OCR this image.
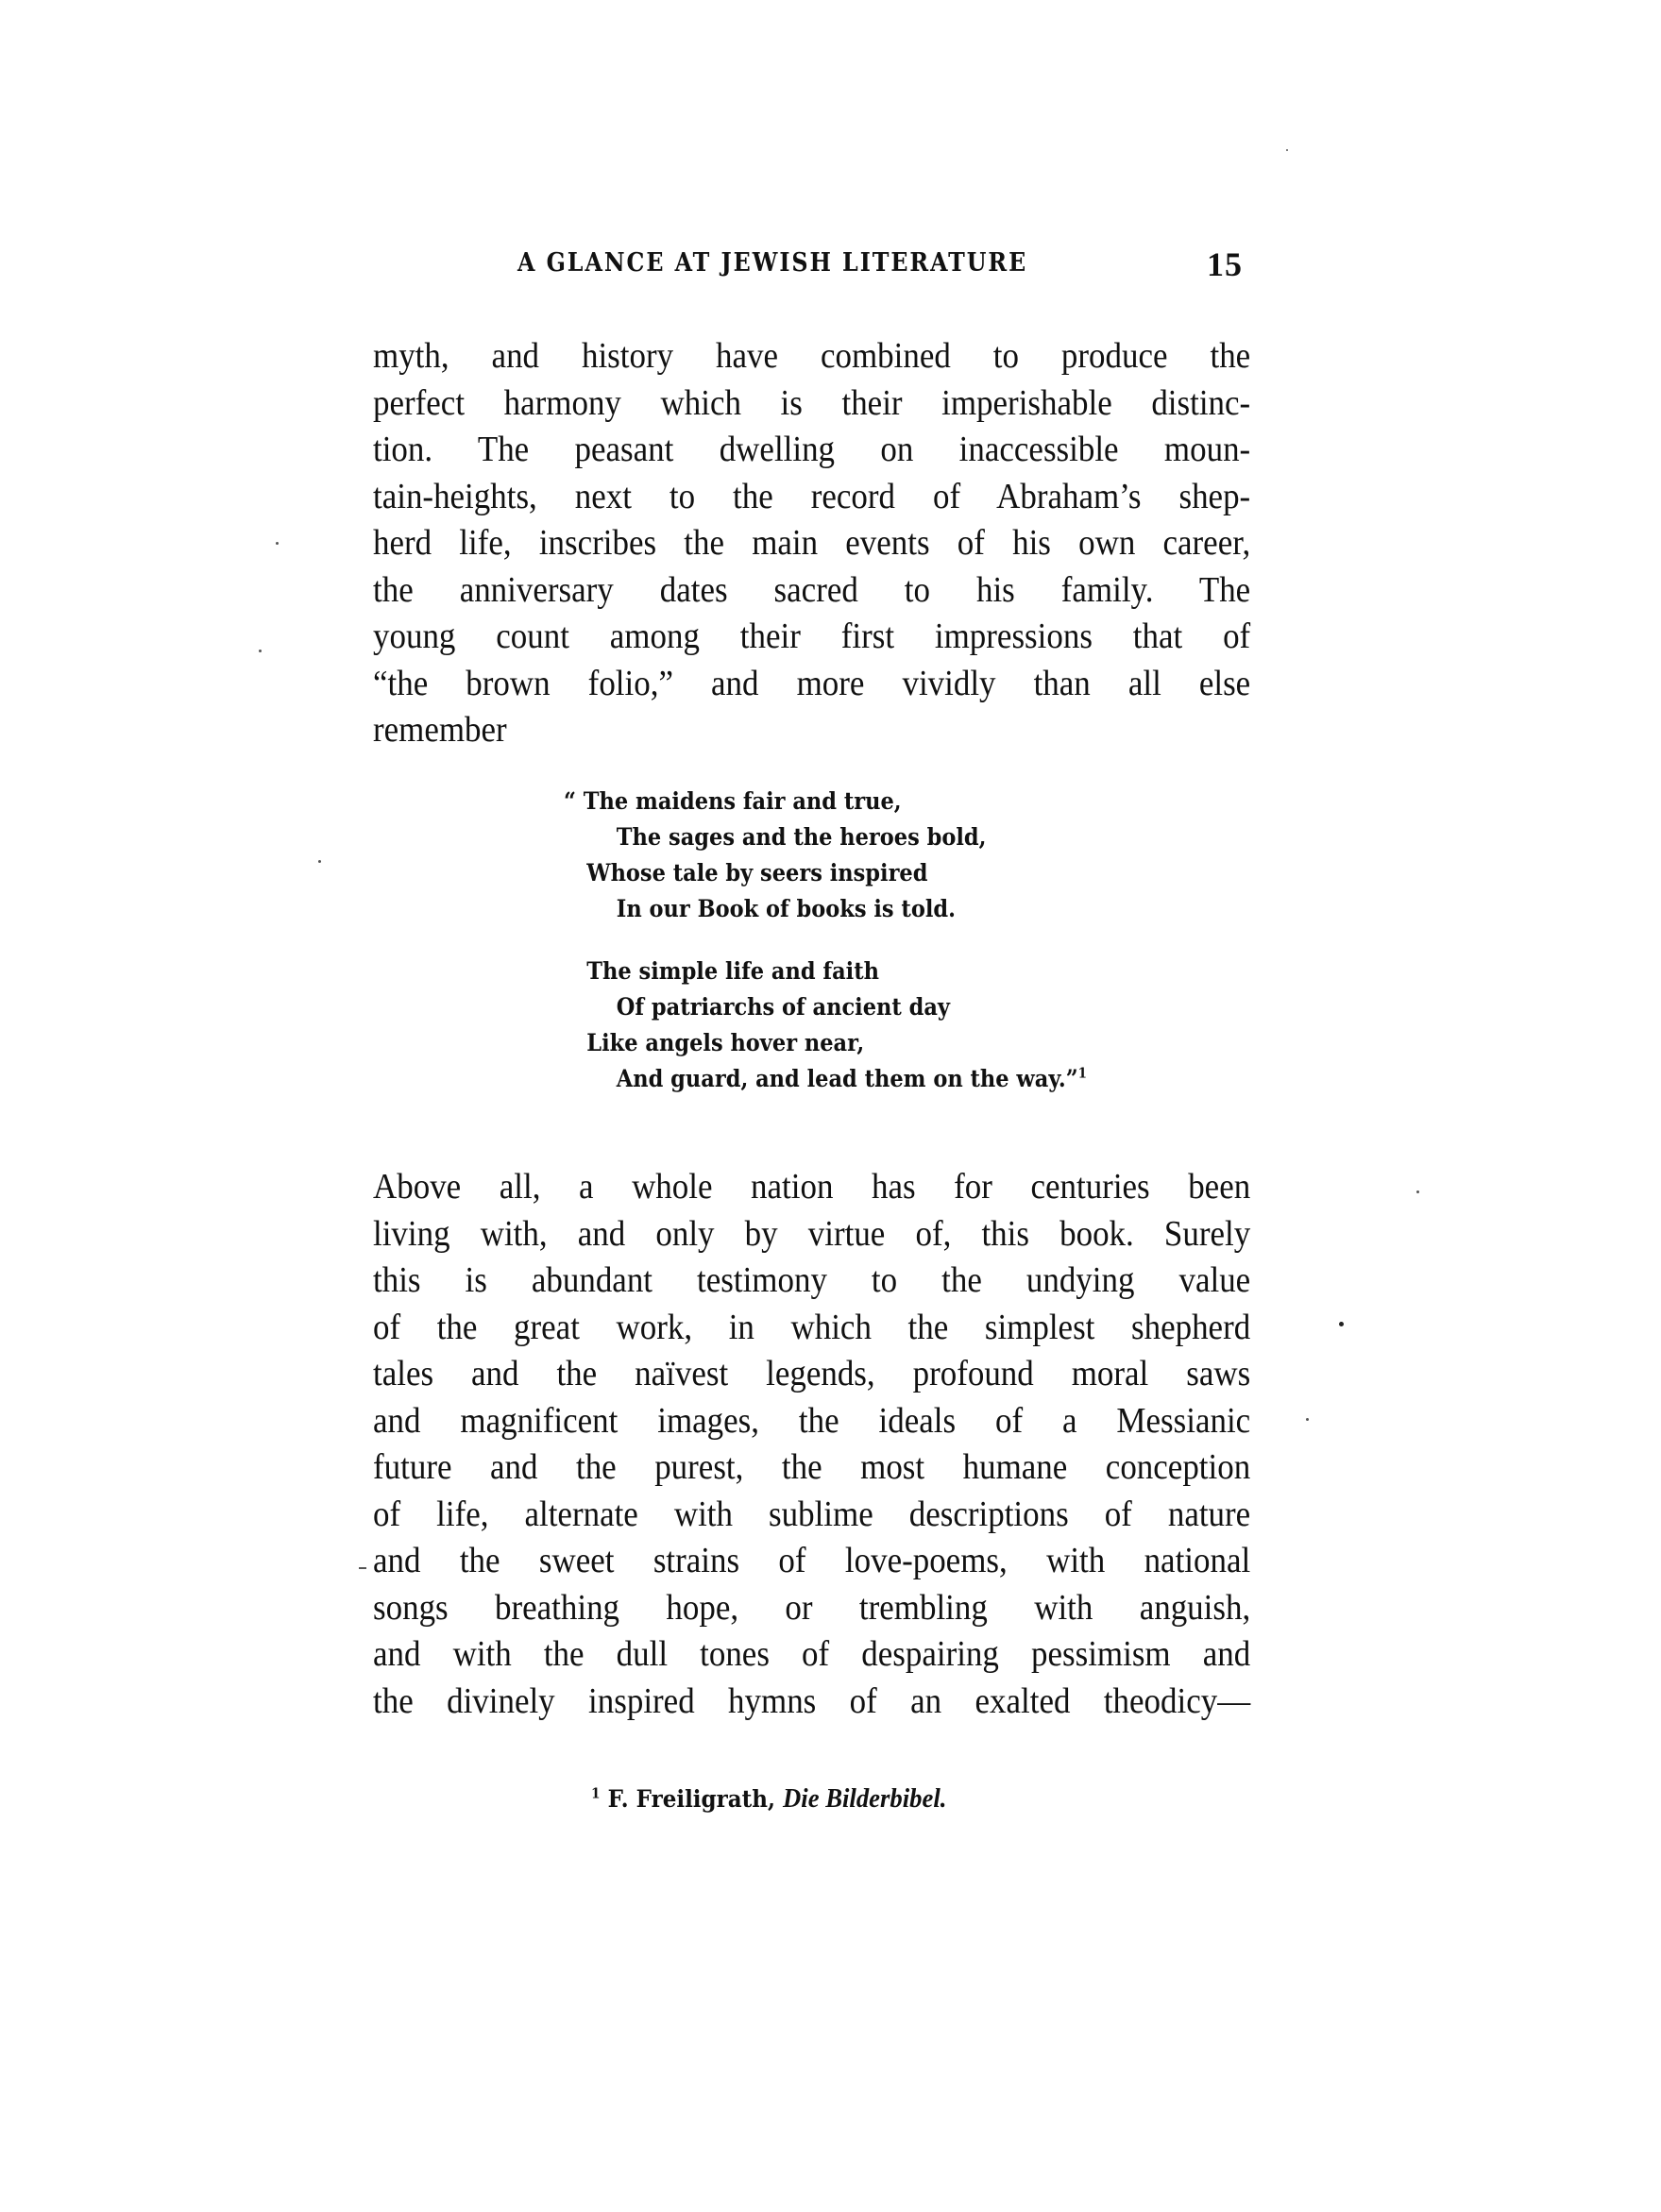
A GLANCE AT JEWISH LITERATURE	15
myth, and history have combined to produce the
perfect harmony which is their imperishable distinc-
tion. The peasant dwelling on inaccessible moun-
tain-heights, next to the record of Abraham’s shep-
herd life, inscribes the main events of his own career,
the anniversary dates sacred to his family. The
young count among their first impressions that of
“the brown folio,” and more vividly than all else
remember
“ The maidens fair and true,
The sages and the heroes bold,
Whose tale by seers inspired
In our Book of books is told.
The simple life and faith
Of patriarchs of ancient day
Like angels hover near,
And guard, and lead them on the way.”$^1$
Above all, a whole nation has for centuries been
living with, and only by virtue of, this book. Surely
this is abundant testimony to the undying value
of the great work, in which the simplest shepherd
tales and the naïvest legends, profound moral saws
and magnificent images, the ideals of a Messianic
future and the purest, the most humane conception
of life, alternate with sublime descriptions of nature
and the sweet strains of love-poems, with national
songs breathing hope, or trembling with anguish,
and with the dull tones of despairing pessimism and
the divinely inspired hymns of an exalted theodicy—
$^1$ F. Freiligrath, Die Bilderbibel.
